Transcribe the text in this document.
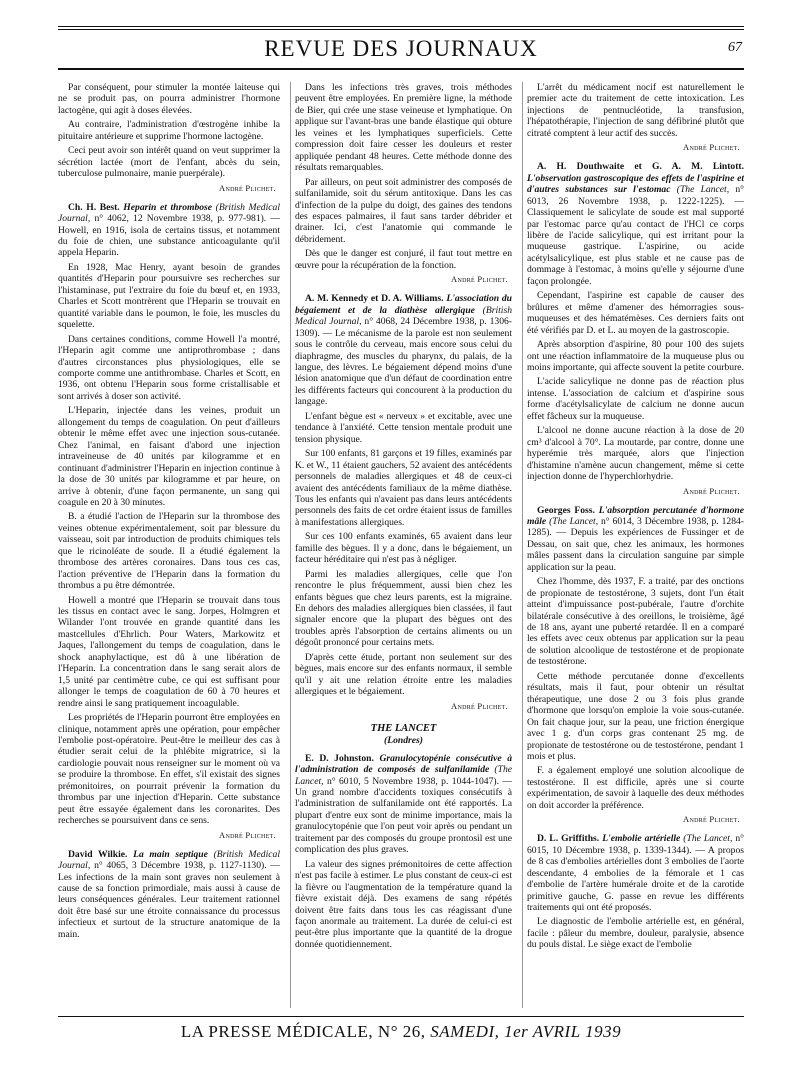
REVUE DES JOURNAUX	67

Par conséquent, pour stimuler la montée laiteuse qui ne se produit pas, on pourra administrer l'hormone lactogène, qui agit à doses élevées.

Au contraire, l'administration d'œstrogène inhibe la pituitaire antérieure et supprime l'hormone lactogène.

Ceci peut avoir son intérêt quand on veut supprimer la sécrétion lactée (mort de l'enfant, abcès du sein, tuberculose pulmonaire, manie puerpérale).

André Plichet.

Ch. H. Best. Heparin et thrombose (British Medical Journal, n° 4062, 12 Novembre 1938, p. 977-981). — Howell, en 1916, isola de certains tissus, et notamment du foie de chien, une substance anticoagulante qu'il appela Heparin.

En 1928, Mac Henry, ayant besoin de grandes quantités d'Heparin pour poursuivre ses recherches sur l'histaminase, put l'extraire du foie du bœuf et, en 1933, Charles et Scott montrèrent que l'Heparin se trouvait en quantité variable dans le poumon, le foie, les muscles du squelette.

Dans certaines conditions, comme Howell l'a montré, l'Heparin agit comme une antiprothrombase ; dans d'autres circonstances plus physiologiques, elle se comporte comme une antithrombase. Charles et Scott, en 1936, ont obtenu l'Heparin sous forme cristallisable et sont arrivés à doser son activité.

L'Heparin, injectée dans les veines, produit un allongement du temps de coagulation. On peut d'ailleurs obtenir le même effet avec une injection sous-cutanée. Chez l'animal, en faisant d'abord une injection intraveineuse de 40 unités par kilogramme et en continuant d'administrer l'Heparin en injection continue à la dose de 30 unités par kilogramme et par heure, on arrive à obtenir, d'une façon permanente, un sang qui coagule en 20 à 30 minutes.

B. a étudié l'action de l'Heparin sur la thrombose des veines obtenue expérimentalement, soit par blessure du vaisseau, soit par introduction de produits chimiques tels que le ricinoléate de soude. Il a étudié également la thrombose des artères coronaires. Dans tous ces cas, l'action préventive de l'Heparin dans la formation du thrombus a pu être démontrée.

Howell a montré que l'Heparin se trouvait dans tous les tissus en contact avec le sang. Jorpes, Holmgren et Wilander l'ont trouvée en grande quantité dans les mastcellules d'Ehrlich. Pour Waters, Markowitz et Jaques, l'allongement du temps de coagulation, dans le shock anaphylactique, est dû à une libération de l'Heparin. La concentration dans le sang serait alors de 1,5 unité par centimètre cube, ce qui est suffisant pour allonger le temps de coagulation de 60 à 70 heures et rendre ainsi le sang pratiquement incoagulable.

Les propriétés de l'Heparin pourront être employées en clinique, notamment après une opération, pour empêcher l'embolie post-opératoire. Peut-être le meilleur des cas à étudier serait celui de la phlébite migratrice, si la cardiologie pouvait nous renseigner sur le moment où va se produire la thrombose. En effet, s'il existait des signes prémonitoires, on pourrait prévenir la formation du thrombus par une injection d'Heparin. Cette substance peut être essayée également dans les coronarites. Des recherches se poursuivent dans ce sens.

André Plichet.

David Wilkie. La main septique (British Medical Journal, n° 4065, 3 Décembre 1938, p. 1127-1130). — Les infections de la main sont graves non seulement à cause de sa fonction primordiale, mais aussi à cause de leurs conséquences générales. Leur traitement rationnel doit être basé sur une étroite connaissance du processus infectieux et surtout de la structure anatomique de la main.

Dans les infections très graves, trois méthodes peuvent être employées. En première ligne, la méthode de Bier, qui crée une stase veineuse et lymphatique. On applique sur l'avant-bras une bande élastique qui obture les veines et les lymphatiques superficiels. Cette compression doit faire cesser les douleurs et rester appliquée pendant 48 heures. Cette méthode donne des résultats remarquables.

Par ailleurs, on peut soit administrer des composés de sulfanilamide, soit du sérum antitoxique. Dans les cas d'infection de la pulpe du doigt, des gaines des tendons des espaces palmaires, il faut sans tarder débrider et drainer. Ici, c'est l'anatomie qui commande le débridement.

Dès que le danger est conjuré, il faut tout mettre en œuvre pour la récupération de la fonction.

André Plichet.

A. M. Kennedy et D. A. Williams. L'association du bégaiement et de la diathèse allergique (British Medical Journal, n° 4068, 24 Décembre 1938, p. 1306-1309). — Le mécanisme de la parole est non seulement sous le contrôle du cerveau, mais encore sous celui du diaphragme, des muscles du pharynx, du palais, de la langue, des lèvres. Le bégaiement dépend moins d'une lésion anatomique que d'un défaut de coordination entre les différents facteurs qui concourent à la production du langage.

L'enfant bègue est « nerveux » et excitable, avec une tendance à l'anxiété. Cette tension mentale produit une tension physique.

Sur 100 enfants, 81 garçons et 19 filles, examinés par K. et W., 11 étaient gauchers, 52 avaient des antécédents personnels de maladies allergiques et 48 de ceux-ci avaient des antécédents familiaux de la même diathèse. Tous les enfants qui n'avaient pas dans leurs antécédents personnels des faits de cet ordre étaient issus de familles à manifestations allergiques.

Sur ces 100 enfants examinés, 65 avaient dans leur famille des bègues. Il y a donc, dans le bégaiement, un facteur héréditaire qui n'est pas à négliger.

Parmi les maladies allergiques, celle que l'on rencontre le plus fréquemment, aussi bien chez les enfants bègues que chez leurs parents, est la migraine. En dehors des maladies allergiques bien classées, il faut signaler encore que la plupart des bègues ont des troubles après l'absorption de certains aliments ou un dégoût prononcé pour certains mets.

D'après cette étude, portant non seulement sur des bègues, mais encore sur des enfants normaux, il semble qu'il y ait une relation étroite entre les maladies allergiques et le bégaiement.

André Plichet.
THE LANCET
(Londres)

E. D. Johnston. Granulocytopénie consécutive à l'administration de composés de sulfanilamide (The Lancet, n° 6010, 5 Novembre 1938, p. 1044-1047). — Un grand nombre d'accidents toxiques consécutifs à l'administration de sulfanilamide ont été rapportés. La plupart d'entre eux sont de minime importance, mais la granulocytopénie que l'on peut voir après ou pendant un traitement par des composés du groupe prontosil est une complication des plus graves.

La valeur des signes prémonitoires de cette affection n'est pas facile à estimer. Le plus constant de ceux-ci est la fièvre ou l'augmentation de la température quand la fièvre existait déjà. Des examens de sang répétés doivent être faits dans tous les cas réagissant d'une façon anormale au traitement. La durée de celui-ci est peut-être plus importante que la quantité de la drogue donnée quotidiennement.

L'arrêt du médicament nocif est naturellement le premier acte du traitement de cette intoxication. Les injections de pentnucléotide, la transfusion, l'hépatothérapie, l'injection de sang défibriné plutôt que citraté comptent à leur actif des succès.

André Plichet.

A. H. Douthwaite et G. A. M. Lintott. L'observation gastroscopique des effets de l'aspirine et d'autres substances sur l'estomac (The Lancet, n° 6013, 26 Novembre 1938, p. 1222-1225). — Classiquement le salicylate de soude est mal supporté par l'estomac parce qu'au contact de l'HCl ce corps libère de l'acide salicylique, qui est irritant pour la muqueuse gastrique. L'aspirine, ou acide acétylsalicylique, est plus stable et ne cause pas de dommage à l'estomac, à moins qu'elle y séjourne d'une façon prolongée.

Cependant, l'aspirine est capable de causer des brûlures et même d'amener des hémorragies sous-muqueuses et des hématémèses. Ces derniers faits ont été vérifiés par D. et L. au moyen de la gastroscopie.

Après absorption d'aspirine, 80 pour 100 des sujets ont une réaction inflammatoire de la muqueuse plus ou moins importante, qui affecte souvent la petite courbure.

L'acide salicylique ne donne pas de réaction plus intense. L'association de calcium et d'aspirine sous forme d'acétylsalicylate de calcium ne donne aucun effet fâcheux sur la muqueuse.

L'alcool ne donne aucune réaction à la dose de 20 cm³ d'alcool à 70°. La moutarde, par contre, donne une hyperémie très marquée, alors que l'injection d'histamine n'amène aucun changement, même si cette injection donne de l'hyperchlorhydrie.

André Plichet.

Georges Foss. L'absorption percutanée d'hormone mâle (The Lancet, n° 6014, 3 Décembre 1938, p. 1284-1285). — Depuis les expériences de Fussinger et de Dessau, on sait que, chez les animaux, les hormones mâles passent dans la circulation sanguine par simple application sur la peau.

Chez l'homme, dès 1937, F. a traité, par des onctions de propionate de testostérone, 3 sujets, dont l'un était atteint d'impuissance post-pubérale, l'autre d'orchite bilatérale consécutive à des oreillons, le troisième, âgé de 18 ans, ayant une puberté retardée. Il en a comparé les effets avec ceux obtenus par application sur la peau de solution alcoolique de testostérone et de propionate de testostérone.

Cette méthode percutanée donne d'excellents résultats, mais il faut, pour obtenir un résultat thérapeutique, une dose 2 ou 3 fois plus grande d'hormone que lorsqu'on emploie la voie sous-cutanée. On fait chaque jour, sur la peau, une friction énergique avec 1 g. d'un corps gras contenant 25 mg. de propionate de testostérone ou de testostérone, pendant 1 mois et plus.

F. a également employé une solution alcoolique de testostérone. Il est difficile, après une si courte expérimentation, de savoir à laquelle des deux méthodes on doit accorder la préférence.

André Plichet.

D. L. Griffiths. L'embolie artérielle (The Lancet, n° 6015, 10 Décembre 1938, p. 1339-1344). — A propos de 8 cas d'embolies artérielles dont 3 embolies de l'aorte descendante, 4 embolies de la fémorale et 1 cas d'embolie de l'artère humérale droite et de la carotide primitive gauche, G. passe en revue les différents traitements qui ont été proposés.

Le diagnostic de l'embolie artérielle est, en général, facile : pâleur du membre, douleur, paralysie, absence du pouls distal. Le siège exact de l'embolie

LA PRESSE MÉDICALE, N° 26, SAMEDI, 1er AVRIL 1939
